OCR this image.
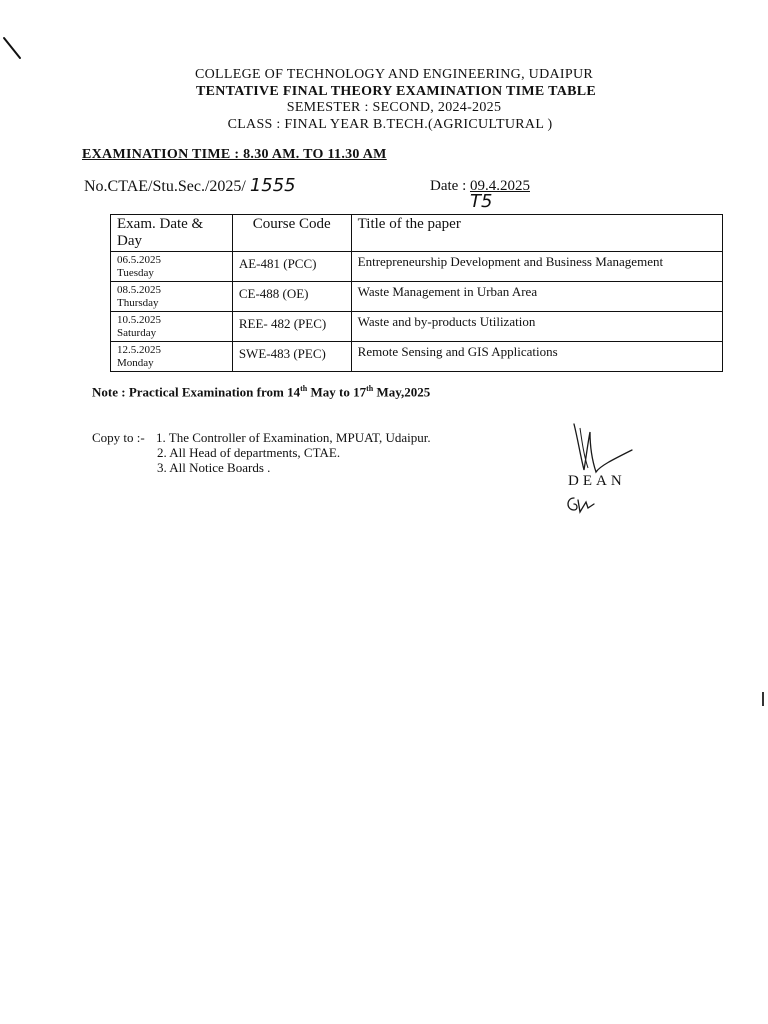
COLLEGE OF TECHNOLOGY AND ENGINEERING, UDAIPUR
TENTATIVE FINAL THEORY EXAMINATION TIME TABLE
SEMESTER : SECOND, 2024-2025
CLASS : FINAL YEAR B.TECH.(AGRICULTURAL )
EXAMINATION TIME : 8.30 AM. TO 11.30 AM
No.CTAE/Stu.Sec./2025/ 1555	Date : 09.4.2025
T5
Exam. Date & Day	Course Code	Title of the paper

06.5.2025
Tuesday	AE-481 (PCC)	Entrepreneurship Development and Business Management

08.5.2025
Thursday	CE-488 (OE)	Waste Management in Urban Area

10.5.2025
Saturday	REE- 482 (PEC)	Waste and by-products Utilization

12.5.2025
Monday	SWE-483 (PEC)	Remote Sensing and GIS Applications
Note : Practical Examination from 14th May to 17th May,2025
Copy to :- 1. The Controller of Examination, MPUAT, Udaipur.
2. All Head of departments, CTAE.
3. All Notice Boards .
DEAN
